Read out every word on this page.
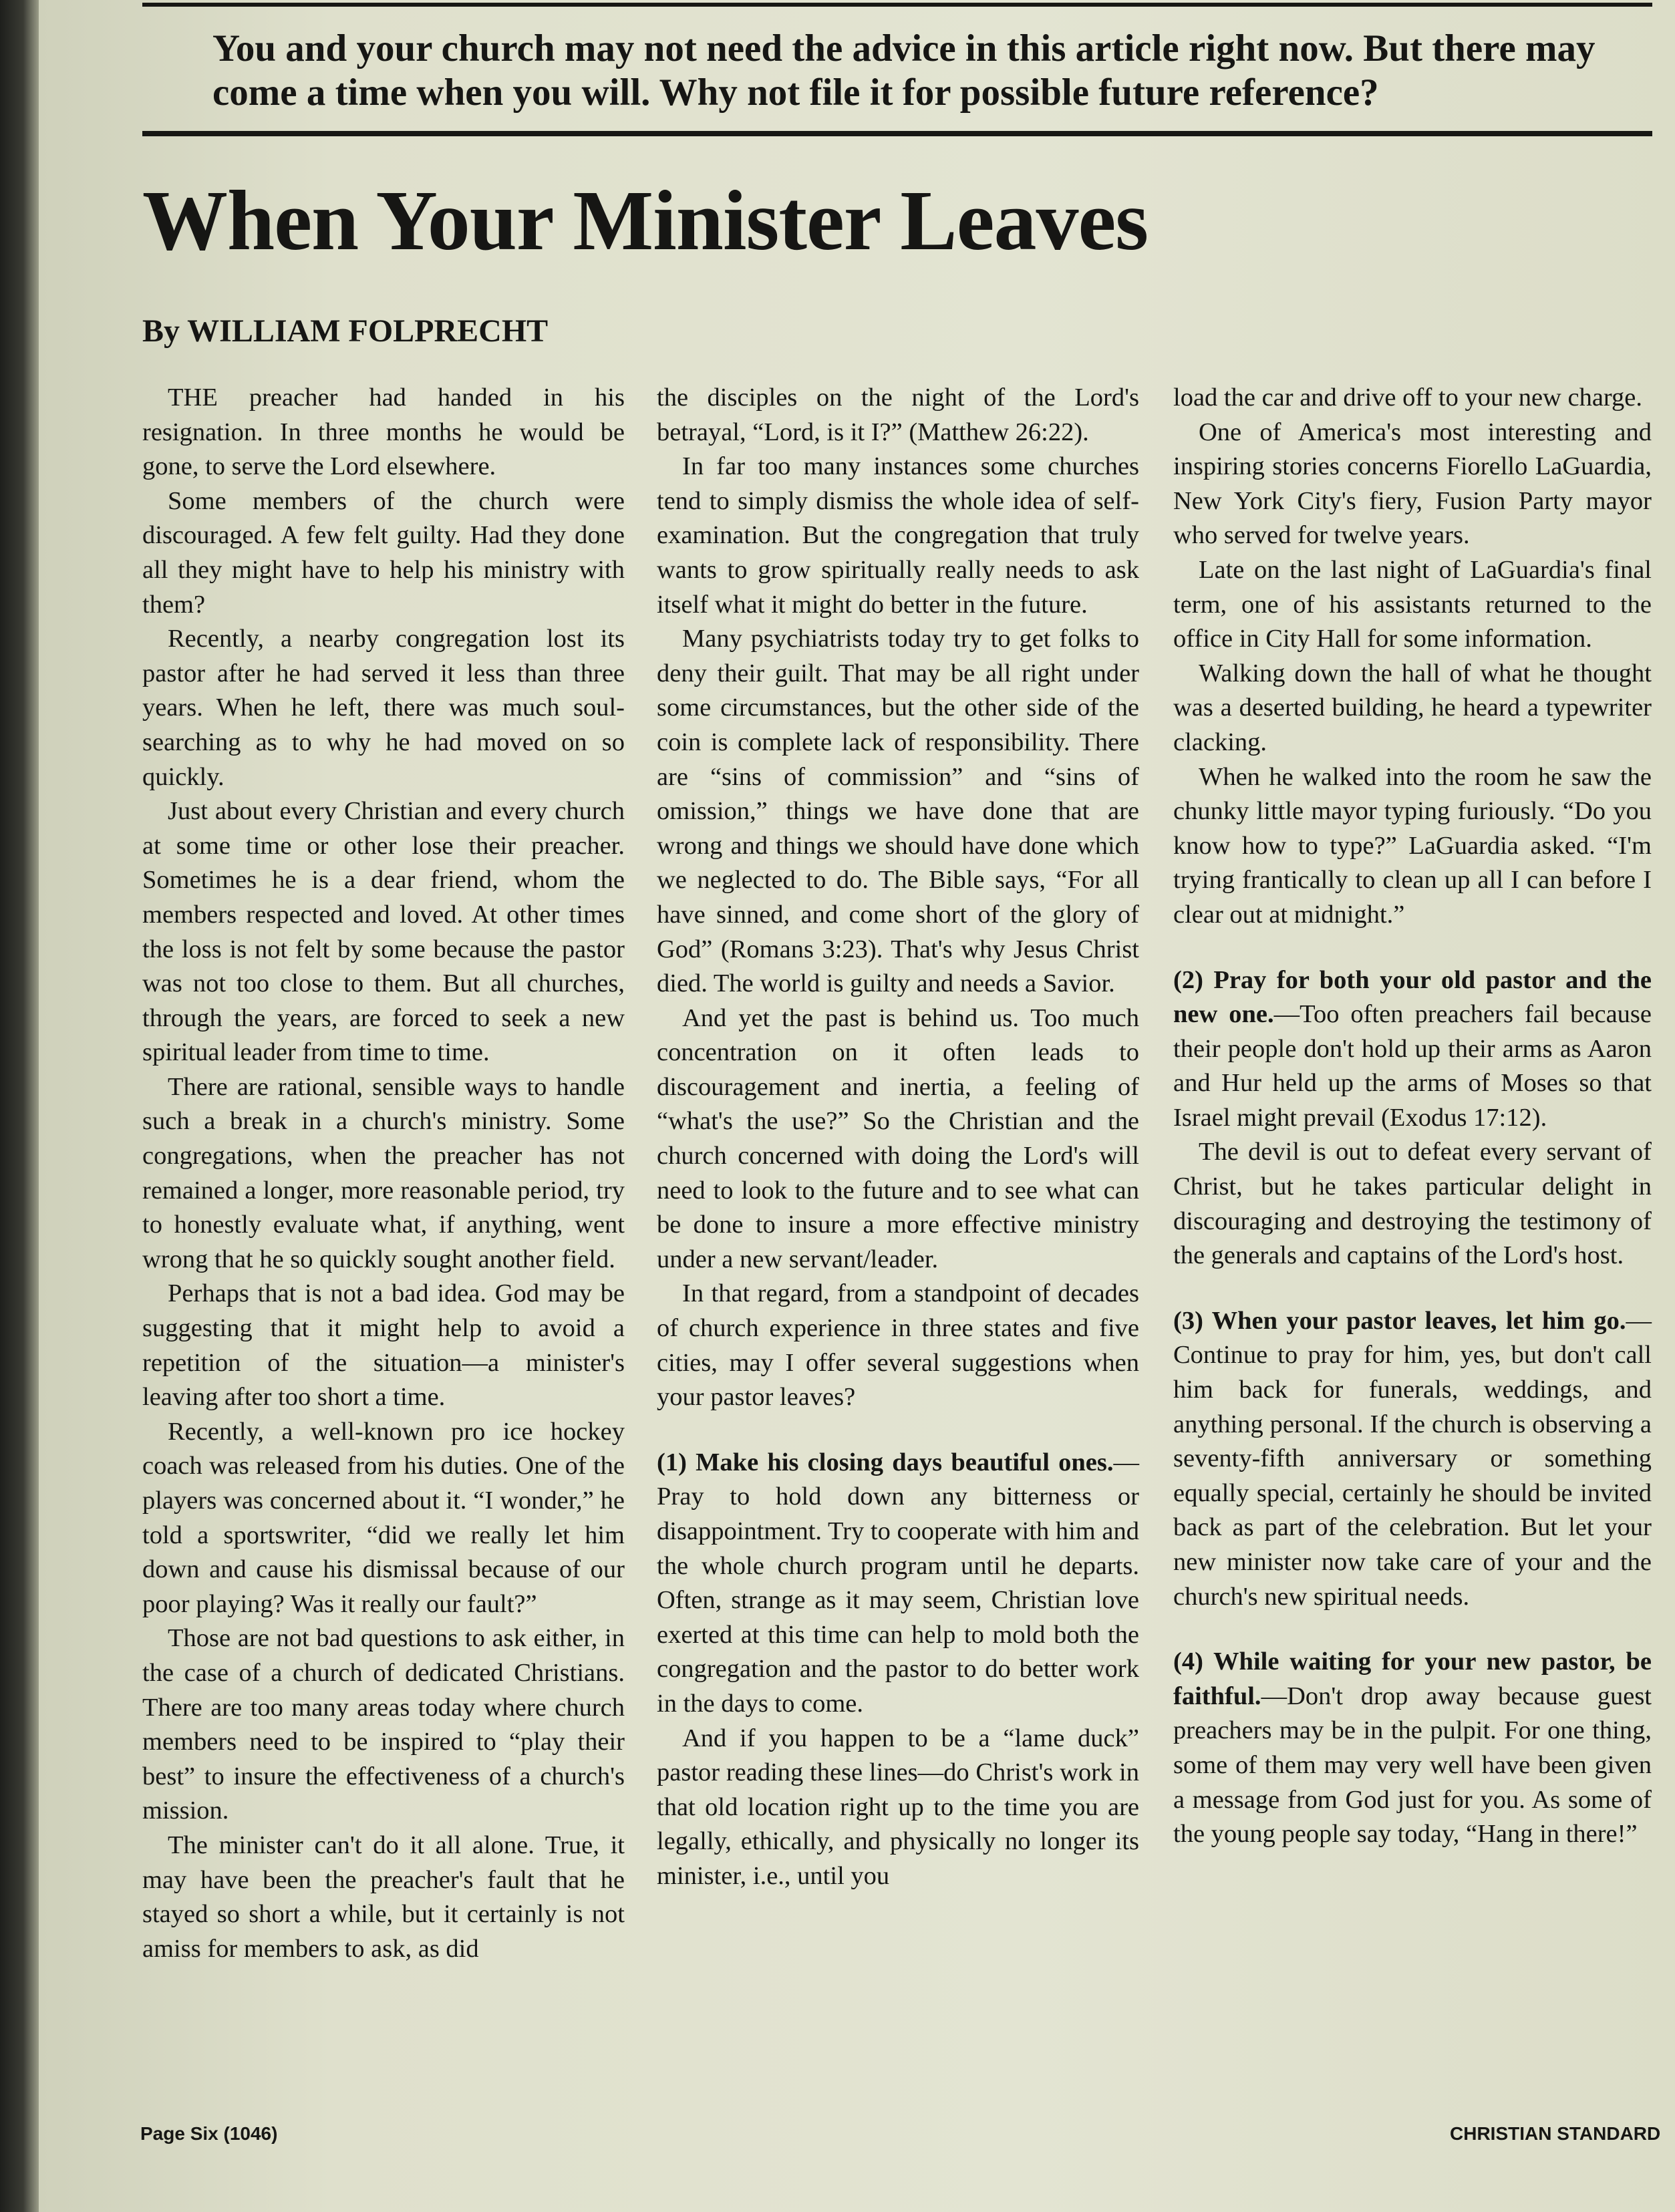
You and your church may not need the advice in this article right now. But there may come a time when you will. Why not file it for possible future reference?

When Your Minister Leaves

By WILLIAM FOLPRECHT

THE preacher had handed in his resignation. In three months he would be gone, to serve the Lord elsewhere.

Some members of the church were discouraged. A few felt guilty. Had they done all they might have to help his ministry with them?

Recently, a nearby congregation lost its pastor after he had served it less than three years. When he left, there was much soul-searching as to why he had moved on so quickly.

Just about every Christian and every church at some time or other lose their preacher. Sometimes he is a dear friend, whom the members respected and loved. At other times the loss is not felt by some because the pastor was not too close to them. But all churches, through the years, are forced to seek a new spiritual leader from time to time.

There are rational, sensible ways to handle such a break in a church's ministry. Some congregations, when the preacher has not remained a longer, more reasonable period, try to honestly evaluate what, if anything, went wrong that he so quickly sought another field.

Perhaps that is not a bad idea. God may be suggesting that it might help to avoid a repetition of the situation—a minister's leaving after too short a time.

Recently, a well-known pro ice hockey coach was released from his duties. One of the players was concerned about it. “I wonder,” he told a sportswriter, “did we really let him down and cause his dismissal because of our poor playing? Was it really our fault?”

Those are not bad questions to ask either, in the case of a church of dedicated Christians. There are too many areas today where church members need to be inspired to “play their best” to insure the effectiveness of a church's mission.

The minister can't do it all alone. True, it may have been the preacher's fault that he stayed so short a while, but it certainly is not amiss for members to ask, as did

the disciples on the night of the Lord's betrayal, “Lord, is it I?” (Matthew 26:22).

In far too many instances some churches tend to simply dismiss the whole idea of self-examination. But the congregation that truly wants to grow spiritually really needs to ask itself what it might do better in the future.

Many psychiatrists today try to get folks to deny their guilt. That may be all right under some circumstances, but the other side of the coin is complete lack of responsibility. There are “sins of commission” and “sins of omission,” things we have done that are wrong and things we should have done which we neglected to do. The Bible says, “For all have sinned, and come short of the glory of God” (Romans 3:23). That's why Jesus Christ died. The world is guilty and needs a Savior.

And yet the past is behind us. Too much concentration on it often leads to discouragement and inertia, a feeling of “what's the use?” So the Christian and the church concerned with doing the Lord's will need to look to the future and to see what can be done to insure a more effective ministry under a new servant/leader.

In that regard, from a standpoint of decades of church experience in three states and five cities, may I offer several suggestions when your pastor leaves?

(1) Make his closing days beautiful ones.—Pray to hold down any bitterness or disappointment. Try to cooperate with him and the whole church program until he departs. Often, strange as it may seem, Christian love exerted at this time can help to mold both the congregation and the pastor to do better work in the days to come.

And if you happen to be a “lame duck” pastor reading these lines—do Christ's work in that old location right up to the time you are legally, ethically, and physically no longer its minister, i.e., until you

load the car and drive off to your new charge.

One of America's most interesting and inspiring stories concerns Fiorello LaGuardia, New York City's fiery, Fusion Party mayor who served for twelve years.

Late on the last night of LaGuardia's final term, one of his assistants returned to the office in City Hall for some information.

Walking down the hall of what he thought was a deserted building, he heard a typewriter clacking.

When he walked into the room he saw the chunky little mayor typing furiously. “Do you know how to type?” LaGuardia asked. “I'm trying frantically to clean up all I can before I clear out at midnight.”

(2) Pray for both your old pastor and the new one.—Too often preachers fail because their people don't hold up their arms as Aaron and Hur held up the arms of Moses so that Israel might prevail (Exodus 17:12).

The devil is out to defeat every servant of Christ, but he takes particular delight in discouraging and destroying the testimony of the generals and captains of the Lord's host.

(3) When your pastor leaves, let him go.—Continue to pray for him, yes, but don't call him back for funerals, weddings, and anything personal. If the church is observing a seventy-fifth anniversary or something equally special, certainly he should be invited back as part of the celebration. But let your new minister now take care of your and the church's new spiritual needs.

(4) While waiting for your new pastor, be faithful.—Don't drop away because guest preachers may be in the pulpit. For one thing, some of them may very well have been given a message from God just for you. As some of the young people say today, “Hang in there!”

Page Six (1046)	CHRISTIAN STANDARD
